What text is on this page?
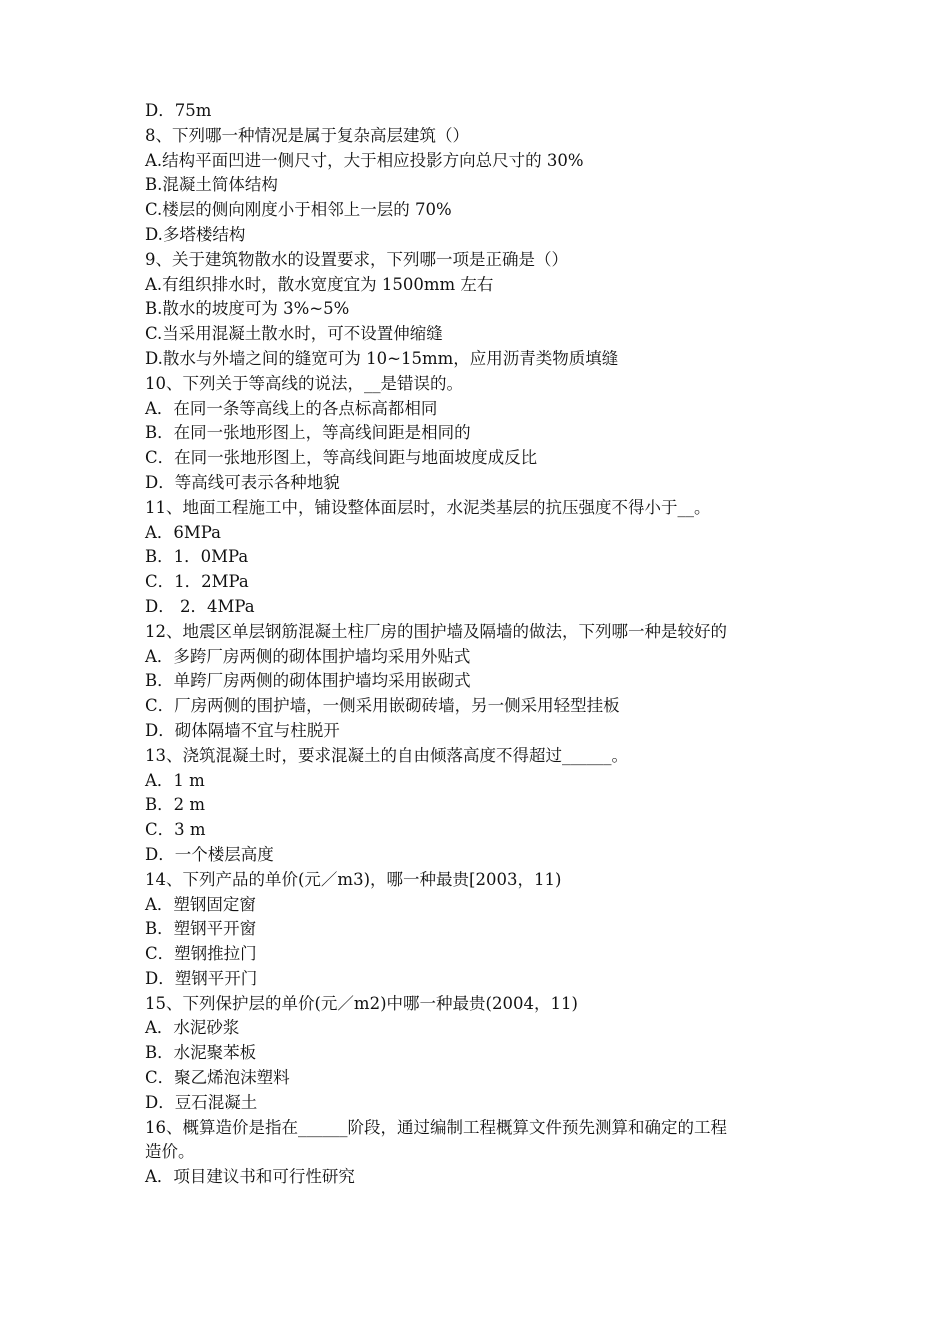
D．75m
8、下列哪一种情况是属于复杂高层建筑（）
A.结构平面凹进一侧尺寸，大于相应投影方向总尺寸的 30%
B.混凝土简体结构
C.楼层的侧向刚度小于相邻上一层的 70%
D.多塔楼结构
9、关于建筑物散水的设置要求，下列哪一项是正确是（）
A.有组织排水时，散水宽度宜为 1500mm 左右
B.散水的坡度可为 3%~5%
C.当采用混凝土散水时，可不设置伸缩缝
D.散水与外墙之间的缝宽可为 10~15mm，应用沥青类物质填缝
10、下列关于等高线的说法，__是错误的。
A．在同一条等高线上的各点标高都相同
B．在同一张地形图上，等高线间距是相同的
C．在同一张地形图上，等高线间距与地面坡度成反比
D．等高线可表示各种地貌
11、地面工程施工中，铺设整体面层时，水泥类基层的抗压强度不得小于__。
A．6MPa
B．1．0MPa
C．1．2MPa
D． 2．4MPa
12、地震区单层钢筋混凝土柱厂房的围护墙及隔墙的做法，下列哪一种是较好的
A．多跨厂房两侧的砌体围护墙均采用外贴式
B．单跨厂房两侧的砌体围护墙均采用嵌砌式
C．厂房两侧的围护墙，一侧采用嵌砌砖墙，另一侧采用轻型挂板
D．砌体隔墙不宜与柱脱开
13、浇筑混凝土时，要求混凝土的自由倾落高度不得超过______。
A．1 m
B．2 m
C．3 m
D．一个楼层高度
14、下列产品的单价(元／m3)，哪一种最贵[2003，11)
A．塑钢固定窗
B．塑钢平开窗
C．塑钢推拉门
D．塑钢平开门
15、下列保护层的单价(元／m2)中哪一种最贵(2004，11)
A．水泥砂浆
B．水泥聚苯板
C．聚乙烯泡沫塑料
D．豆石混凝土
16、概算造价是指在______阶段，通过编制工程概算文件预先测算和确定的工程
造价。
A．项目建议书和可行性研究
